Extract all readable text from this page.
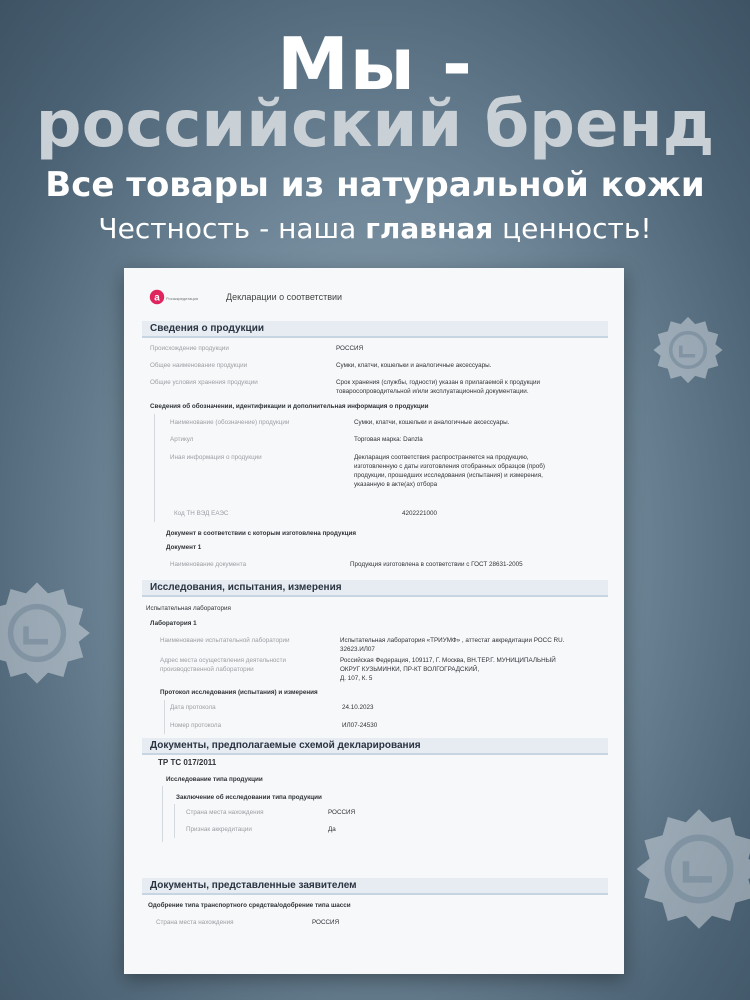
Мы -
российский бренд
Все товары из натуральной кожи
Честность - наша главная ценность!
a Росаккредитация	Декларации о соответствии
Сведения о продукции
Происхождение продукции	РОССИЯ
Общее наименование продукции	Сумки, клатчи, кошельки и аналогичные аксессуары.
Общие условия хранения продукции	Срок хранения (службы, годности) указан в прилагаемой к продукции
товаросопроводительной и/или эксплуатационной документации.
Сведения об обозначении, идентификации и дополнительная информация о продукции
Наименование (обозначение) продукции	Сумки, клатчи, кошельки и аналогичные аксессуары.
Артикул	Торговая марка: Danzla
Иная информация о продукции	Декларация соответствия распространяется на продукцию,
изготовленную с даты изготовления отобранных образцов (проб)
продукции, прошедших исследования (испытания) и измерения,
указанную в акте(ах) отбора
Код ТН ВЭД ЕАЭС	4202221000
Документ в соответствии с которым изготовлена продукция
Документ 1
Наименование документа	Продукция изготовлена в соответствии с ГОСТ 28631-2005
Исследования, испытания, измерения
Испытательная лаборатория
Лаборатория 1
Наименование испытательной лаборатории	Испытательная лаборатория «ТРИУМФ» , аттестат аккредитации РОСС RU.
32623.ИЛ07
Адрес места осуществления деятельности
производственной лаборатории
Российская Федерация, 109117, Г. Москва, ВН.ТЕР.Г. МУНИЦИПАЛЬНЫЙ
ОКРУГ КУЗЬМИНКИ, ПР-КТ ВОЛГОГРАДСКИЙ,
Д. 107, К. 5
Протокол исследования (испытания) и измерения
Дата протокола	24.10.2023
Номер протокола	ИЛ07-24530
Документы, предполагаемые схемой декларирования
ТР ТС 017/2011
Исследование типа продукции
Заключение об исследовании типа продукции
Страна места нахождения	РОССИЯ
Признак аккредитации	Да
Документы, представленные заявителем
Одобрение типа транспортного средства/одобрение типа шасси
Страна места нахождения	РОССИЯ
